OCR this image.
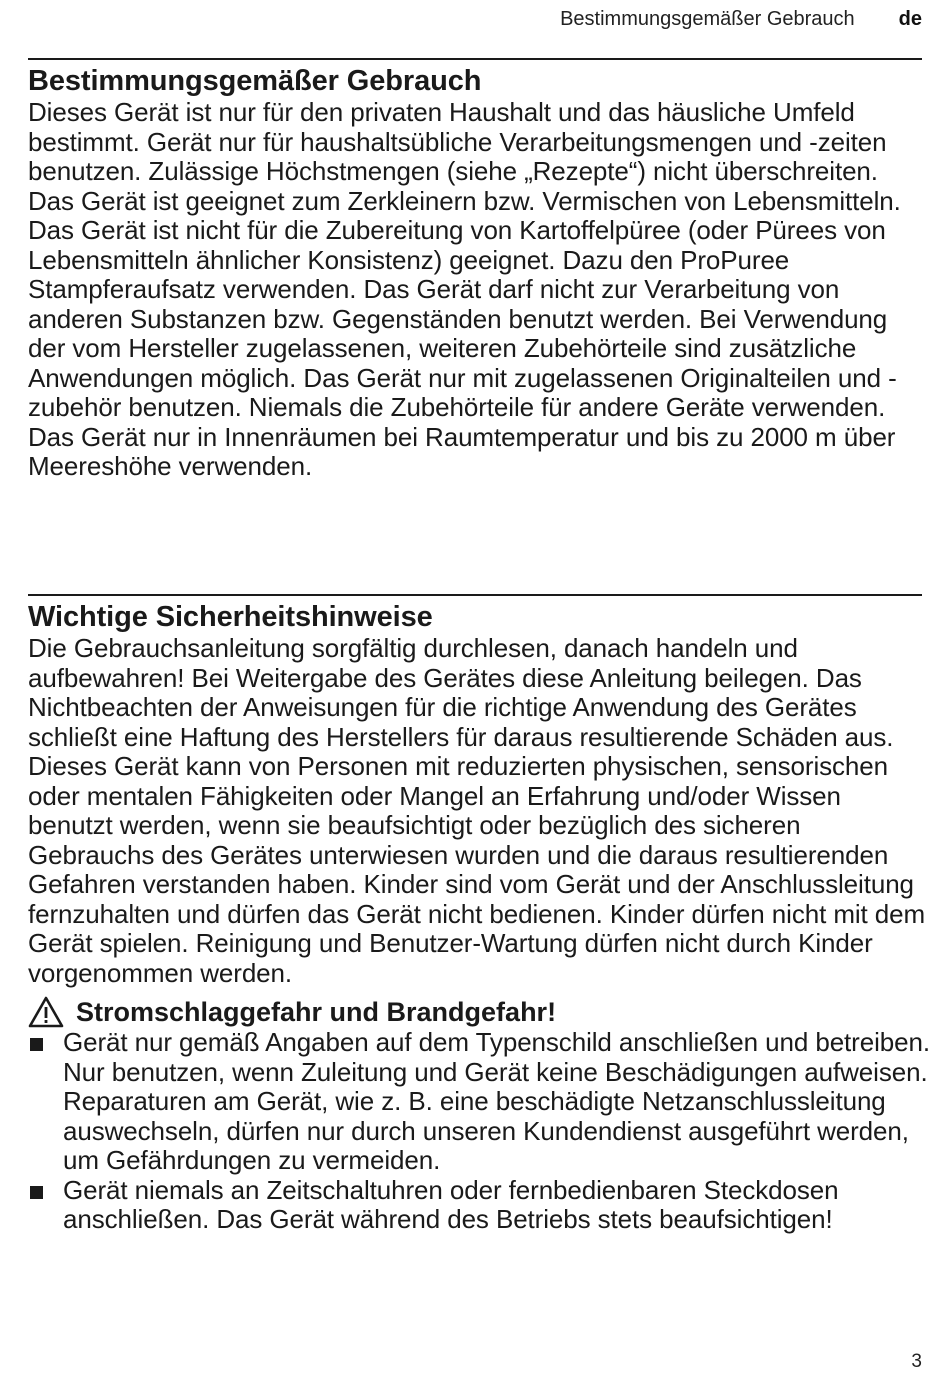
Bestimmungsgemäßer Gebrauch de
Bestimmungsgemäßer Gebrauch

Dieses Gerät ist nur für den privaten Haushalt und das häusliche Umfeld bestimmt. Gerät nur für haushaltsübliche Verarbeitungsmengen und -zeiten benutzen. Zulässige Höchstmengen (siehe „Rezepte“) nicht überschreiten. Das Gerät ist geeignet zum Zerkleinern bzw. Vermischen von Lebensmitteln. Das Gerät ist nicht für die Zubereitung von Kartoffelpüree (oder Pürees von Lebensmitteln ähnlicher Konsistenz) geeignet. Dazu den ProPuree Stampferaufsatz verwenden. Das Gerät darf nicht zur Verarbeitung von anderen Substanzen bzw. Gegenständen benutzt werden. Bei Verwendung der vom Hersteller zugelassenen, weiteren Zubehörteile sind zusätzliche Anwendungen möglich. Das Gerät nur mit zugelassenen Originalteilen und -zubehör benutzen. Niemals die Zubehörteile für andere Geräte verwenden.

Das Gerät nur in Innenräumen bei Raumtemperatur und bis zu 2000 m über Meereshöhe verwenden.

Wichtige Sicherheitshinweise

Die Gebrauchsanleitung sorgfältig durchlesen, danach handeln und aufbewahren! Bei Weitergabe des Gerätes diese Anleitung beilegen. Das Nichtbeachten der Anweisungen für die richtige Anwendung des Gerätes schließt eine Haftung des Herstellers für daraus resultierende Schäden aus. Dieses Gerät kann von Personen mit reduzierten physischen, sensorischen oder mentalen Fähigkeiten oder Mangel an Erfahrung und/oder Wissen benutzt werden, wenn sie beaufsichtigt oder bezüglich des sicheren Gebrauchs des Gerätes unterwiesen wurden und die daraus resultierenden Gefahren verstanden haben. Kinder sind vom Gerät und der Anschlussleitung fernzuhalten und dürfen das Gerät nicht bedienen. Kinder dürfen nicht mit dem Gerät spielen. Reinigung und Benutzer-Wartung dürfen nicht durch Kinder vorgenommen werden.

Stromschlaggefahr und Brandgefahr!
Gerät nur gemäß Angaben auf dem Typenschild anschließen und betreiben. Nur benutzen, wenn Zuleitung und Gerät keine Beschädigungen aufweisen. Reparaturen am Gerät, wie z. B. eine beschädigte Netzanschlussleitung auswechseln, dürfen nur durch unseren Kundendienst ausgeführt werden, um Gefährdungen zu vermeiden.
Gerät niemals an Zeitschaltuhren oder fernbedienbaren Steckdosen anschließen. Das Gerät während des Betriebs stets beaufsichtigen!
3
